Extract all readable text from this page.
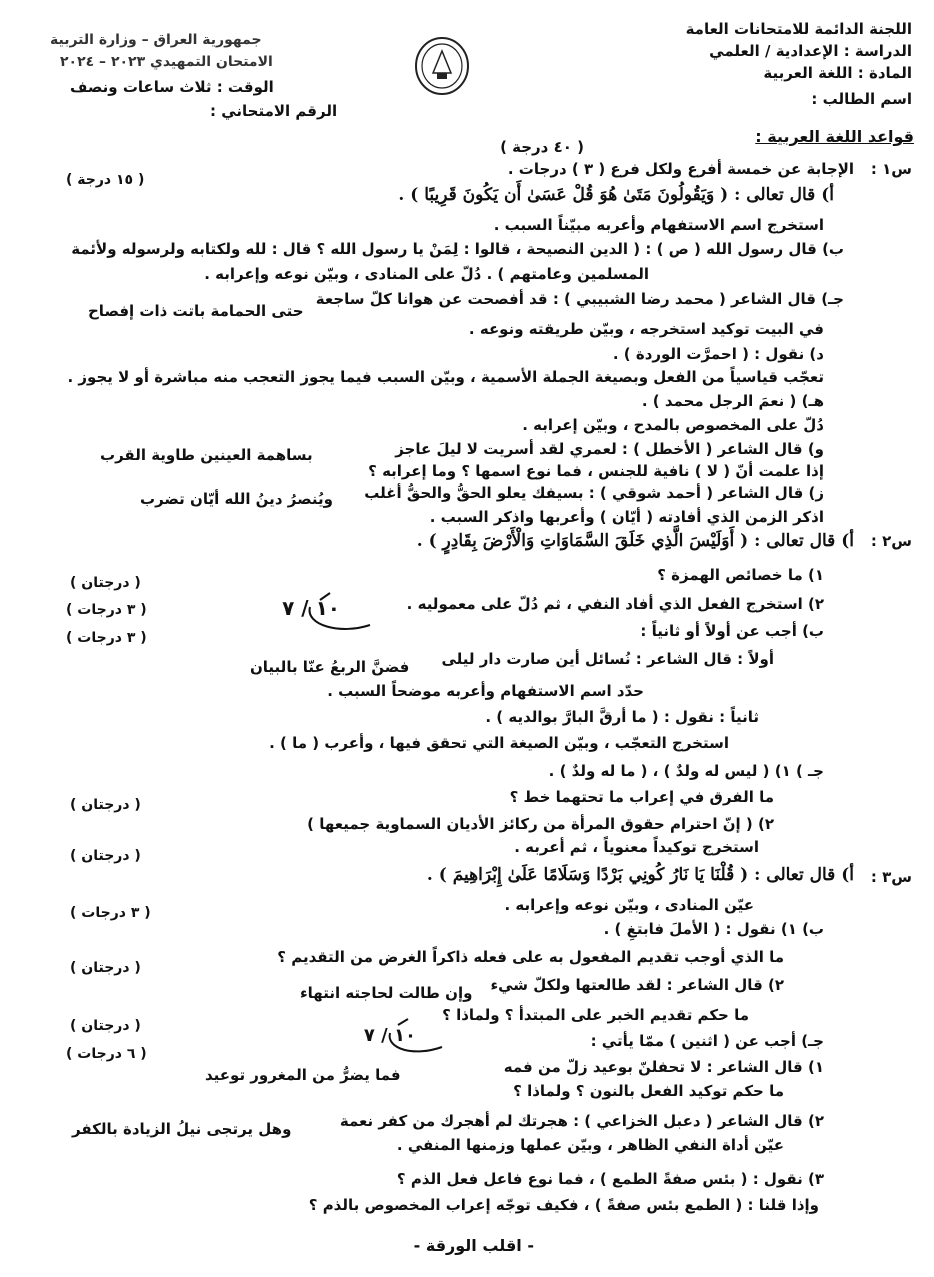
اللجنة الدائمة للامتحانات العامة
الدراسة : الإعدادية / العلمي
المادة : اللغة العربية
اسم الطالب :
جمهورية العراق – وزارة التربية
الامتحان التمهيدي ٢٠٢٣ – ٢٠٢٤
الوقت : ثلاث ساعات ونصف
الرقم الامتحاني :
قواعد اللغة العربية :
( ٤٠ درجة )
س١ :
الإجابة عن خمسة أفرع ولكل فرع ( ٣ ) درجات .
( ١٥ درجة )
أ) قال تعالى : ( وَيَقُولُونَ مَتَىٰ هُوَ قُلْ عَسَىٰ أَن يَكُونَ قَرِيبًا ) .
استخرج اسم الاستفهام وأعربه مبيّناً السبب .
ب) قال رسول الله ( ص ) : ( الدين النصيحة ، قالوا : لِمَنْ يا رسول الله ؟ قال : لله ولكتابه ولرسوله ولأئمة
المسلمين وعامتهم ) . دُلّ على المنادى ، وبيّن نوعه وإعرابه .
جـ) قال الشاعر ( محمد رضا الشبيبي ) : قد أفصحت عن هوانا كلّ ساجعة
حتى الحمامة باتت ذات إفصاح
في البيت توكيد استخرجه ، وبيّن طريقته ونوعه .
د) نقول : ( احمرَّت الوردة ) .
تعجّب قياسياً من الفعل وبصيغة الجملة الأسمية ، وبيّن السبب فيما يجوز التعجب منه مباشرة أو لا يجوز .
هـ) ( نعمَ الرجل محمد ) .
دُلّ على المخصوص بالمدح ، وبيّن إعرابه .
و) قال الشاعر ( الأخطل ) : لعمري لقد أسريت لا ليلَ عاجز
بساهمة العينين طاوية القرب
إذا علمت أنّ ( لا ) نافية للجنس ، فما نوع اسمها ؟ وما إعرابه ؟
ز) قال الشاعر ( أحمد شوقي ) : بسيفك يعلو الحقُّ والحقُّ أغلب
ويُنصرُ دينُ الله أيّان تضرب
اذكر الزمن الذي أفادته ( أيّان ) وأعربها واذكر السبب .
س٢ :
أ) قال تعالى : ( أَوَلَيْسَ الَّذِي خَلَقَ السَّمَاوَاتِ وَالْأَرْضَ بِقَادِرٍ ) .
١) ما خصائص الهمزة ؟
( درجتان )
٢) استخرج الفعل الذي أفاد النفي ، ثم دُلّ على معموليه .
( ٣ درجات )	١٠ / ٧
ب) أجب عن أولاً أو ثانياً :
( ٣ درجات )
أولاً : قال الشاعر : نُسائل أين صارت دار ليلى
فضنَّ الربعُ عنّا بالبيان
حدّد اسم الاستفهام وأعربه موضحاً السبب .
ثانياً : نقول : ( ما أرقَّ البارَّ بوالديه ) .
استخرج التعجّب ، وبيّن الصيغة التي تحقق فيها ، وأعرب ( ما ) .
جـ ) ١) ( ليس له ولدٌ ) ، ( ما له ولدٌ ) .
ما الفرق في إعراب ما تحتهما خط ؟
( درجتان )
٢) ( إنّ احترام حقوق المرأة من ركائز الأديان السماوية جميعها )
استخرج توكيداً معنوياً ، ثم أعربه .
( درجتان )
س٣ :
أ) قال تعالى : ( قُلْنَا يَا نَارُ كُونِي بَرْدًا وَسَلَامًا عَلَىٰ إِبْرَاهِيمَ ) .
عيّن المنادى ، وبيّن نوعه وإعرابه .
( ٣ درجات )
ب) ١) نقول : ( الأملَ فابتغِ ) .
ما الذي أوجب تقديم المفعول به على فعله ذاكراً الغرض من التقديم ؟
( درجتان )
٢) قال الشاعر : لقد طالعتها ولكلّ شيء
وإن طالت لحاجته انتهاء
ما حكم تقديم الخبر على المبتدأ ؟ ولماذا ؟
( درجتان )	١٠ / ٧	جـ) أجب عن ( اثنين ) ممّا يأتي :
( ٦ درجات )
١) قال الشاعر : لا تحفلنّ بوعيد زلّ من فمه
فما يضرُّ من المغرور توعيد
ما حكم توكيد الفعل بالنون ؟ ولماذا ؟
٢) قال الشاعر ( دعبل الخزاعي ) : هجرتك لم أهجرك من كفر نعمة
وهل يرتجى نيلُ الزيادة بالكفر
عيّن أداة النفي الظاهر ، وبيّن عملها وزمنها المنفي .
٣) نقول : ( بئس صفةً الطمع ) ، فما نوع فاعل فعل الذم ؟
وإذا قلنا : ( الطمع بئس صفةً ) ، فكيف توجّه إعراب المخصوص بالذم ؟
- اقلب الورقة -
